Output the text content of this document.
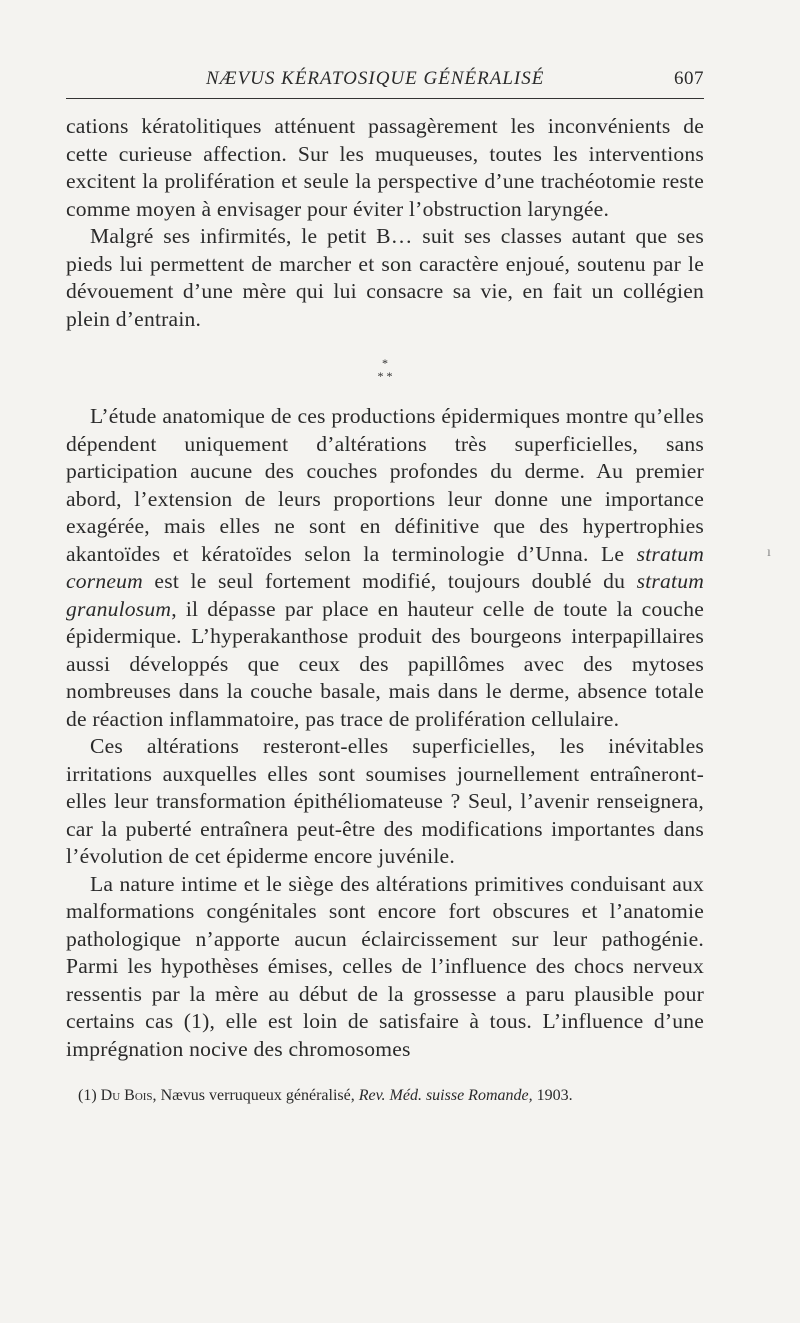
NÆVUS KÉRATOSIQUE GÉNÉRALISÉ	607

cations kératolitiques atténuent passagèrement les inconvénients de cette curieuse affection. Sur les muqueuses, toutes les interventions excitent la prolifération et seule la perspective d’une trachéotomie reste comme moyen à envisager pour éviter l’obstruction laryngée.

Malgré ses infirmités, le petit B… suit ses classes autant que ses pieds lui permettent de marcher et son caractère enjoué, soutenu par le dévouement d’une mère qui lui consacre sa vie, en fait un collégien plein d’entrain.

*
* *

L’étude anatomique de ces productions épidermiques montre qu’elles dépendent uniquement d’altérations très superficielles, sans participation aucune des couches profondes du derme. Au premier abord, l’extension de leurs proportions leur donne une importance exagérée, mais elles ne sont en définitive que des hypertrophies akantoïdes et kératoïdes selon la terminologie d’Unna. Le stratum corneum est le seul fortement modifié, toujours doublé du stratum granulosum, il dépasse par place en hauteur celle de toute la couche épidermique. L’hyperakanthose produit des bourgeons interpapillaires aussi développés que ceux des papillômes avec des mytoses nombreuses dans la couche basale, mais dans le derme, absence totale de réaction inflammatoire, pas trace de prolifération cellulaire.

Ces altérations resteront-elles superficielles, les inévitables irritations auxquelles elles sont soumises journellement entraîneront-elles leur transformation épithéliomateuse ? Seul, l’avenir renseignera, car la puberté entraînera peut-être des modifications importantes dans l’évolution de cet épiderme encore juvénile.

La nature intime et le siège des altérations primitives conduisant aux malformations congénitales sont encore fort obscures et l’anatomie pathologique n’apporte aucun éclaircissement sur leur pathogénie. Parmi les hypothèses émises, celles de l’influence des chocs nerveux ressentis par la mère au début de la grossesse a paru plausible pour certains cas (1), elle est loin de satisfaire à tous. L’influence d’une imprégnation nocive des chromosomes

(1) Du Bois, Nævus verruqueux généralisé, Rev. Méd. suisse Romande, 1903.
ı
